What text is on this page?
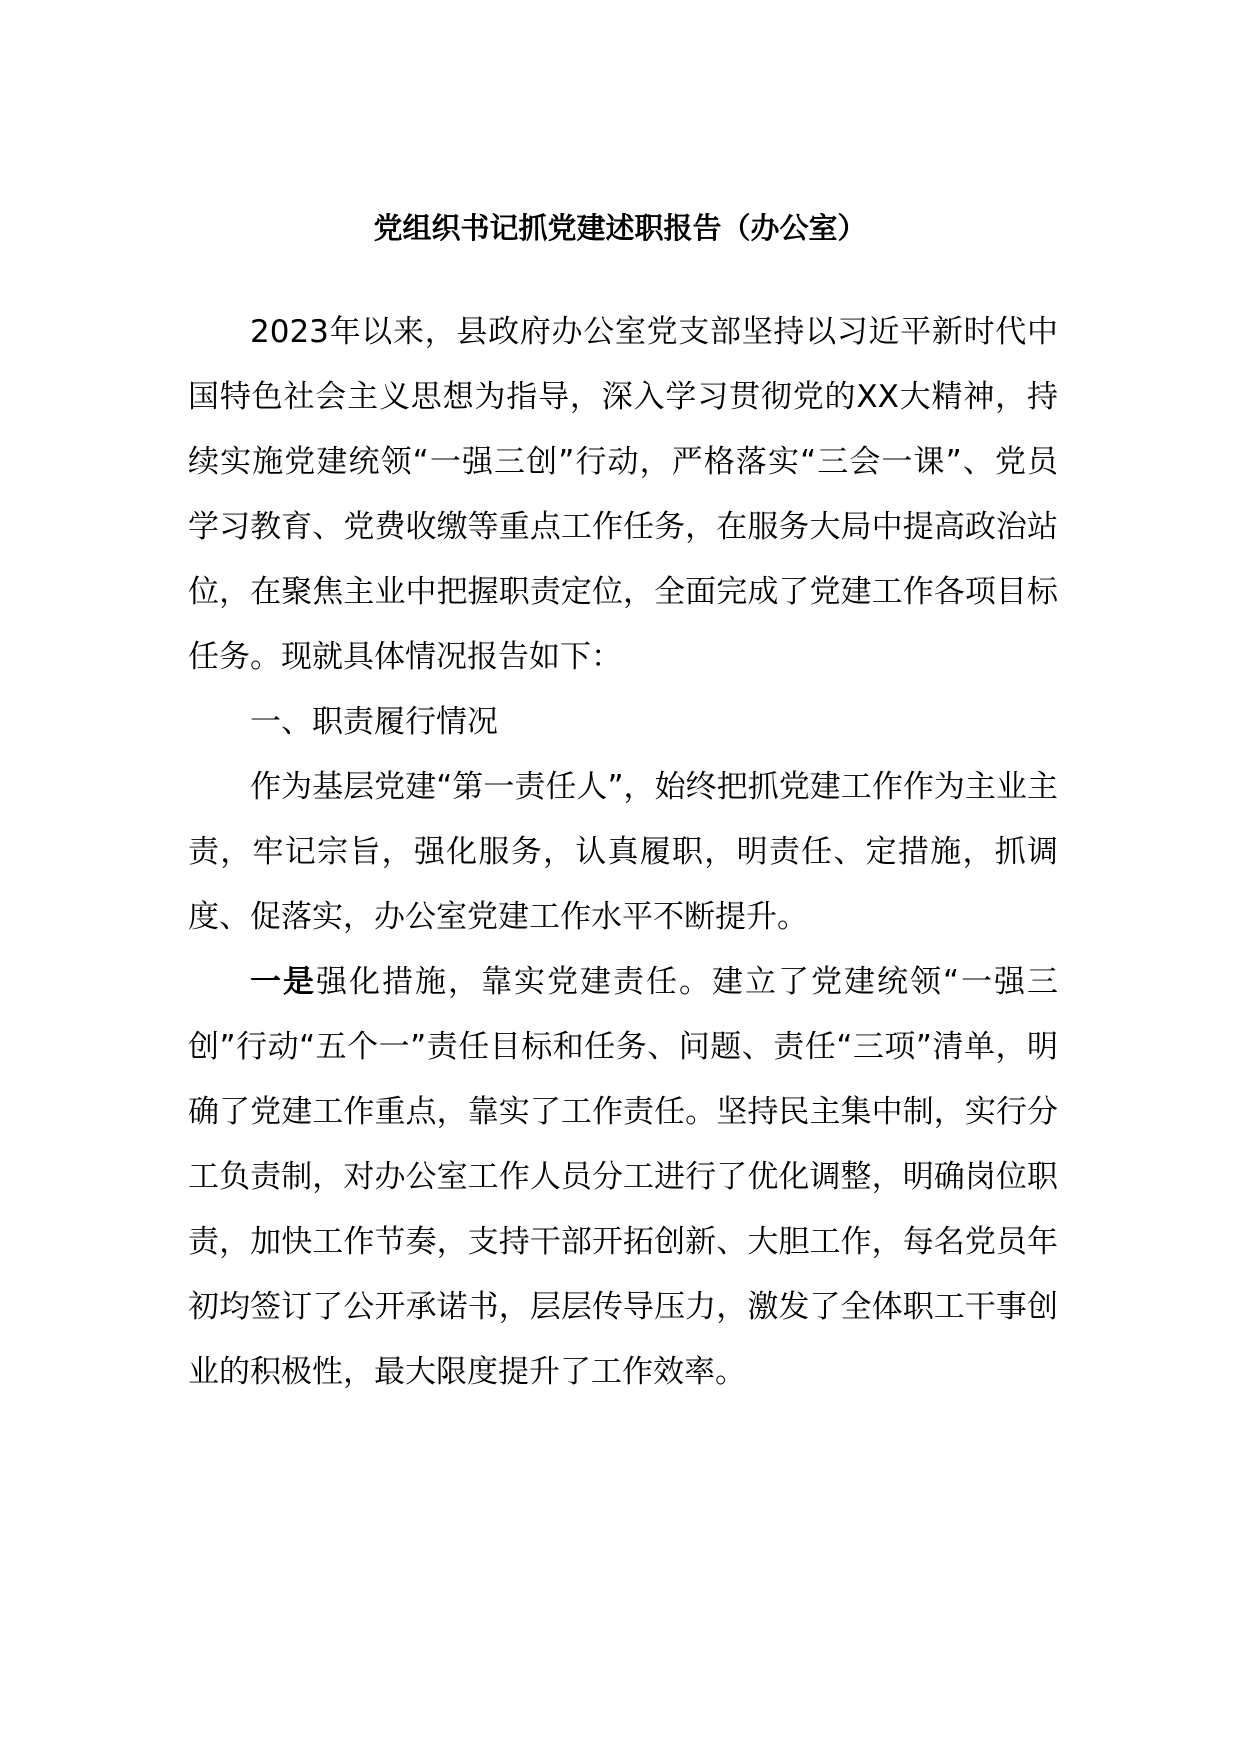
党组织书记抓党建述职报告（办公室）

2023年以来，县政府办公室党支部坚持以习近平新时代中国特色社会主义思想为指导，深入学习贯彻党的XX大精神，持续实施党建统领“一强三创”行动，严格落实“三会一课”、党员学习教育、党费收缴等重点工作任务，在服务大局中提高政治站位，在聚焦主业中把握职责定位，全面完成了党建工作各项目标任务。现就具体情况报告如下：

一、职责履行情况

作为基层党建“第一责任人”，始终把抓党建工作作为主业主责，牢记宗旨，强化服务，认真履职，明责任、定措施，抓调度、促落实，办公室党建工作水平不断提升。

一是强化措施，靠实党建责任。建立了党建统领“一强三创”行动“五个一”责任目标和任务、问题、责任“三项”清单，明确了党建工作重点，靠实了工作责任。坚持民主集中制，实行分工负责制，对办公室工作人员分工进行了优化调整，明确岗位职责，加快工作节奏，支持干部开拓创新、大胆工作，每名党员年初均签订了公开承诺书，层层传导压力，激发了全体职工干事创业的积极性，最大限度提升了工作效率。
